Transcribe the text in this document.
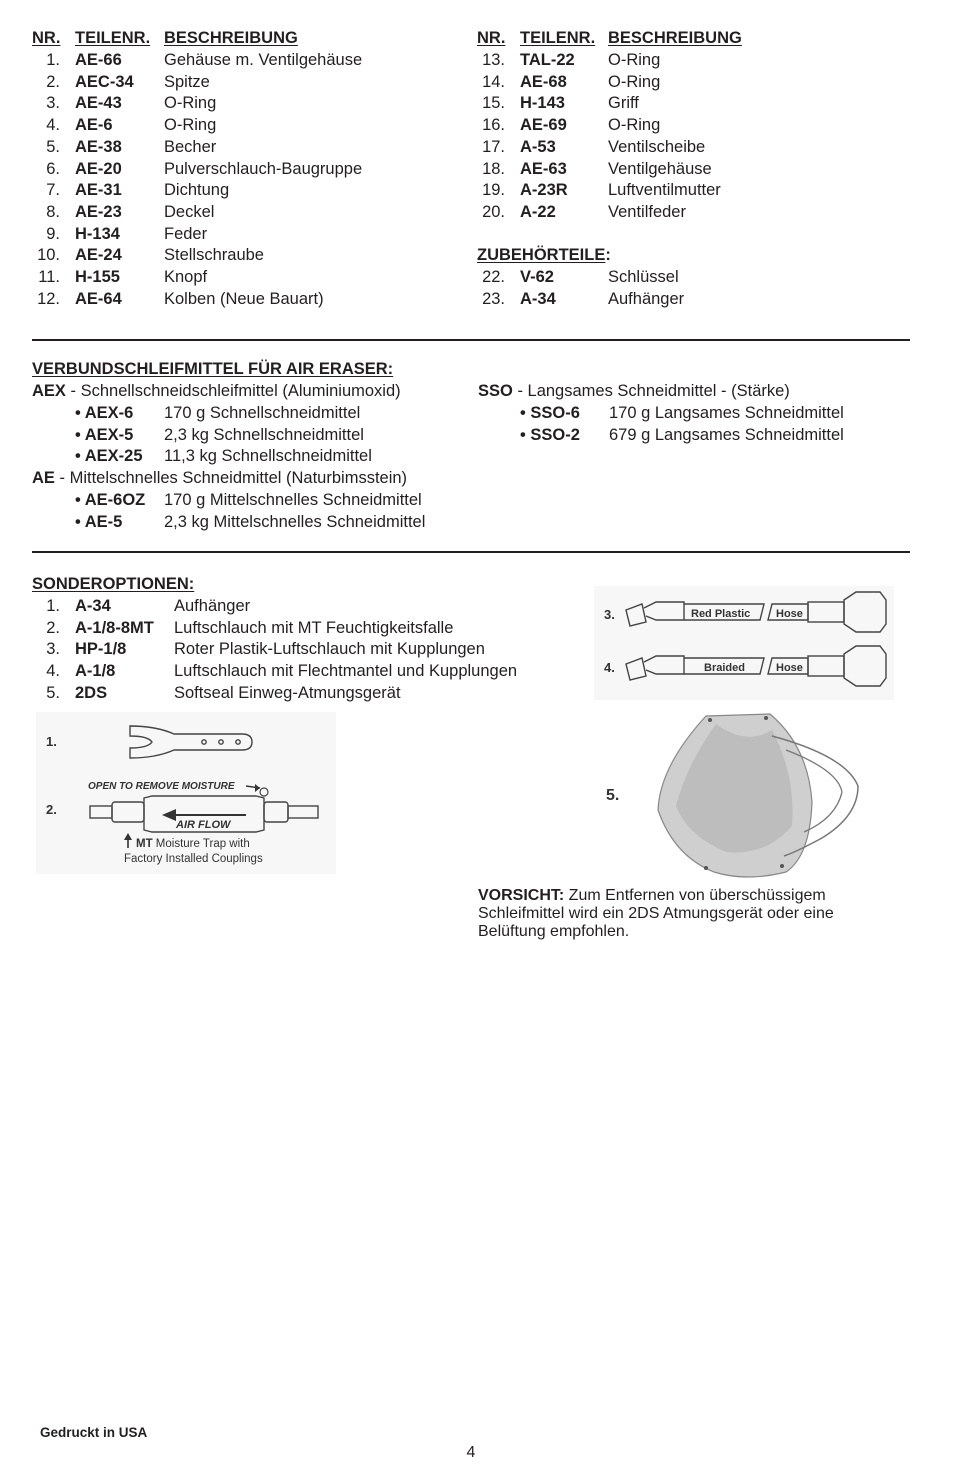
NR. TEILENR. BESCHREIBUNG	NR. TEILENR. BESCHREIBUNG
1. AE-66	Gehäuse m. Ventilgehäuse
2. AEC-34 Spitze
3. AE-43	O-Ring
4. AE-6	O-Ring
5. AE-38	Becher
6. AE-20	Pulverschlauch-Baugruppe
7. AE-31	Dichtung
8. AE-23	Deckel
9. H-134	Feder
10. AE-24	Stellschraube
11. H-155	Knopf
12. AE-64	Kolben (Neue Bauart)
13. TAL-22 O-Ring
14. AE-68 O-Ring
15. H-143	Griff
16. AE-69 O-Ring
17. A-53	Ventilscheibe
18. AE-63 Ventilgehäuse
19. A-23R Luftventilmutter
20. A-22	Ventilfeder
ZUBEHÖRTEILE:
22. V-62	Schlüssel
23. A-34	Aufhänger
VERBUNDSCHLEIFMITTEL FÜR AIR ERASER:
AEX - Schnellschneidschleifmittel (Aluminiumoxid)
• AEX-6 170 g Schnellschneidmittel
• AEX-5 2,3 kg Schnellschneidmittel
• AEX-25 11,3 kg Schnellschneidmittel
AE - Mittelschnelles Schneidmittel (Naturbimsstein)
• AE-6OZ 170 g Mittelschnelles Schneidmittel
• AE-5	2,3 kg Mittelschnelles Schneidmittel
SSO - Langsames Schneidmittel - (Stärke)
• SSO-6 170 g Langsames Schneidmittel
• SSO-2 679 g Langsames Schneidmittel
SONDEROPTIONEN:
1. A-34	Aufhänger
2. A-1/8-8MT Luftschlauch mit MT Feuchtigkeitsfalle
3. HP-1/8	Roter Plastik-Luftschlauch mit Kupplungen
4. A-1/8	Luftschlauch mit Flechtmantel und Kupplungen
5. 2DS	Softseal Einweg-Atmungsgerät
1.
OPEN TO REMOVE MOISTURE
2.
AIR FLOW
MT Moisture Trap with
Factory Installed Couplings
3.	Red Plastic Hose
4.	Braided	Hose
5.
VORSICHT: Zum Entfernen von überschüssigem Schleifmittel wird ein 2DS Atmungsgerät oder eine Belüftung empfohlen.
Gedruckt in USA
4
